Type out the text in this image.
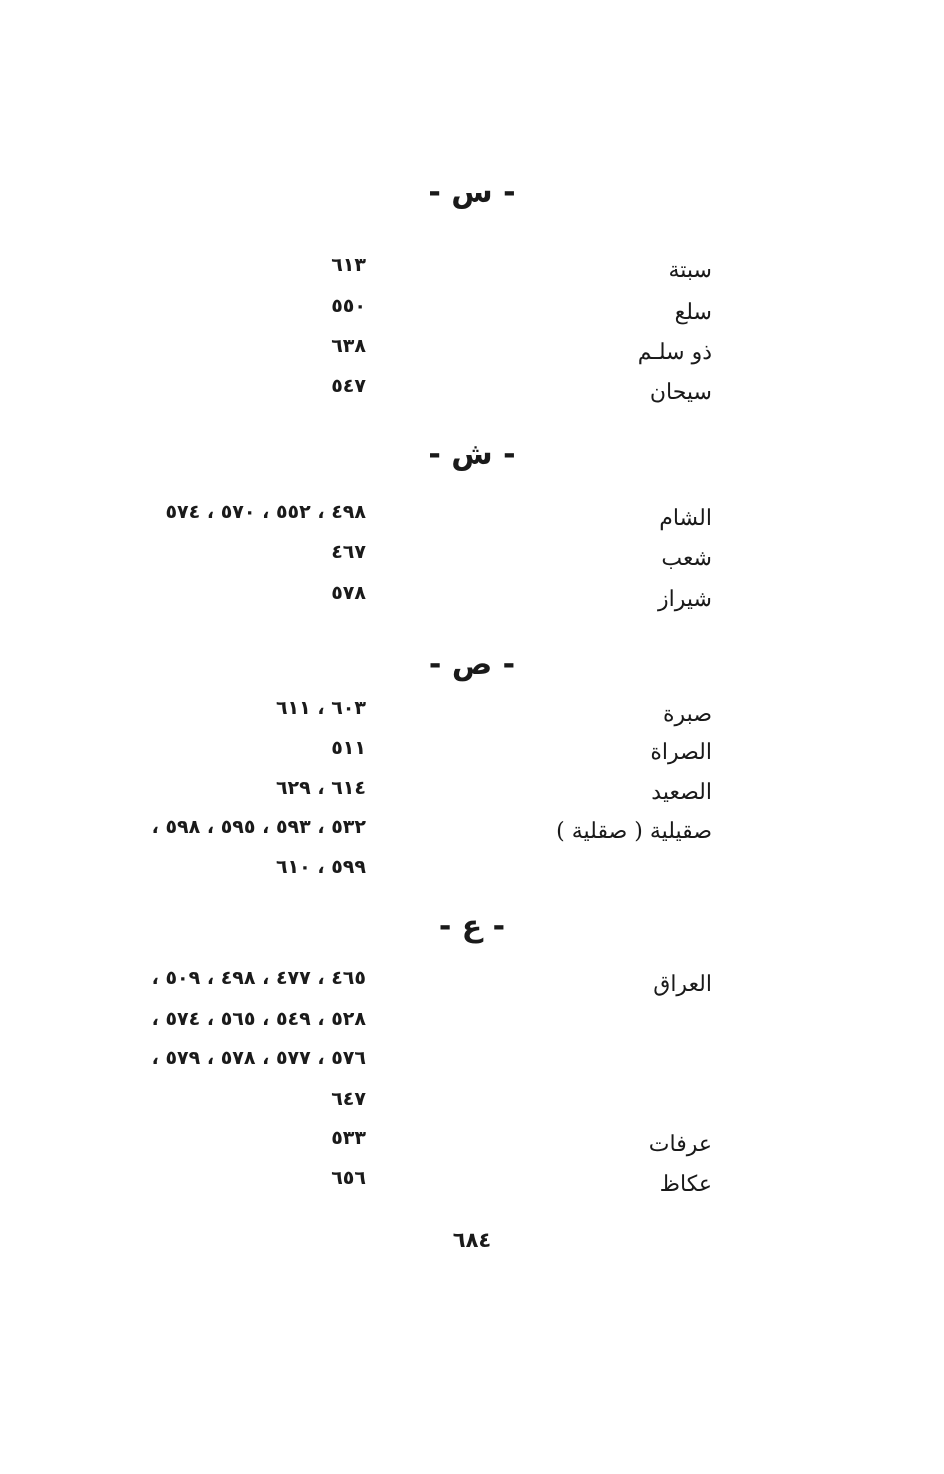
- س -
سبتة
٦١٣
سلع
٥٥٠
ذو سلـم
٦٣٨
سيحان
٥٤٧
- ش -
الشام
٤٩٨ ، ٥٥٢ ، ٥٧٠ ، ٥٧٤
شعب
٤٦٧
شيراز
٥٧٨
- ص -
صبرة
٦٠٣ ، ٦١١
الصراة
٥١١
الصعيد
٦١٤ ، ٦٢٩
صقيلية ( صقلية )
٥٣٢ ، ٥٩٣ ، ٥٩٥ ، ٥٩٨ ،
٥٩٩ ، ٦١٠
- ع -
العراق
٤٦٥ ، ٤٧٧ ، ٤٩٨ ، ٥٠٩ ،
٥٢٨ ، ٥٤٩ ، ٥٦٥ ، ٥٧٤ ،
٥٧٦ ، ٥٧٧ ، ٥٧٨ ، ٥٧٩ ،
٦٤٧
عرفات
٥٣٣
عكاظ
٦٥٦
٦٨٤
